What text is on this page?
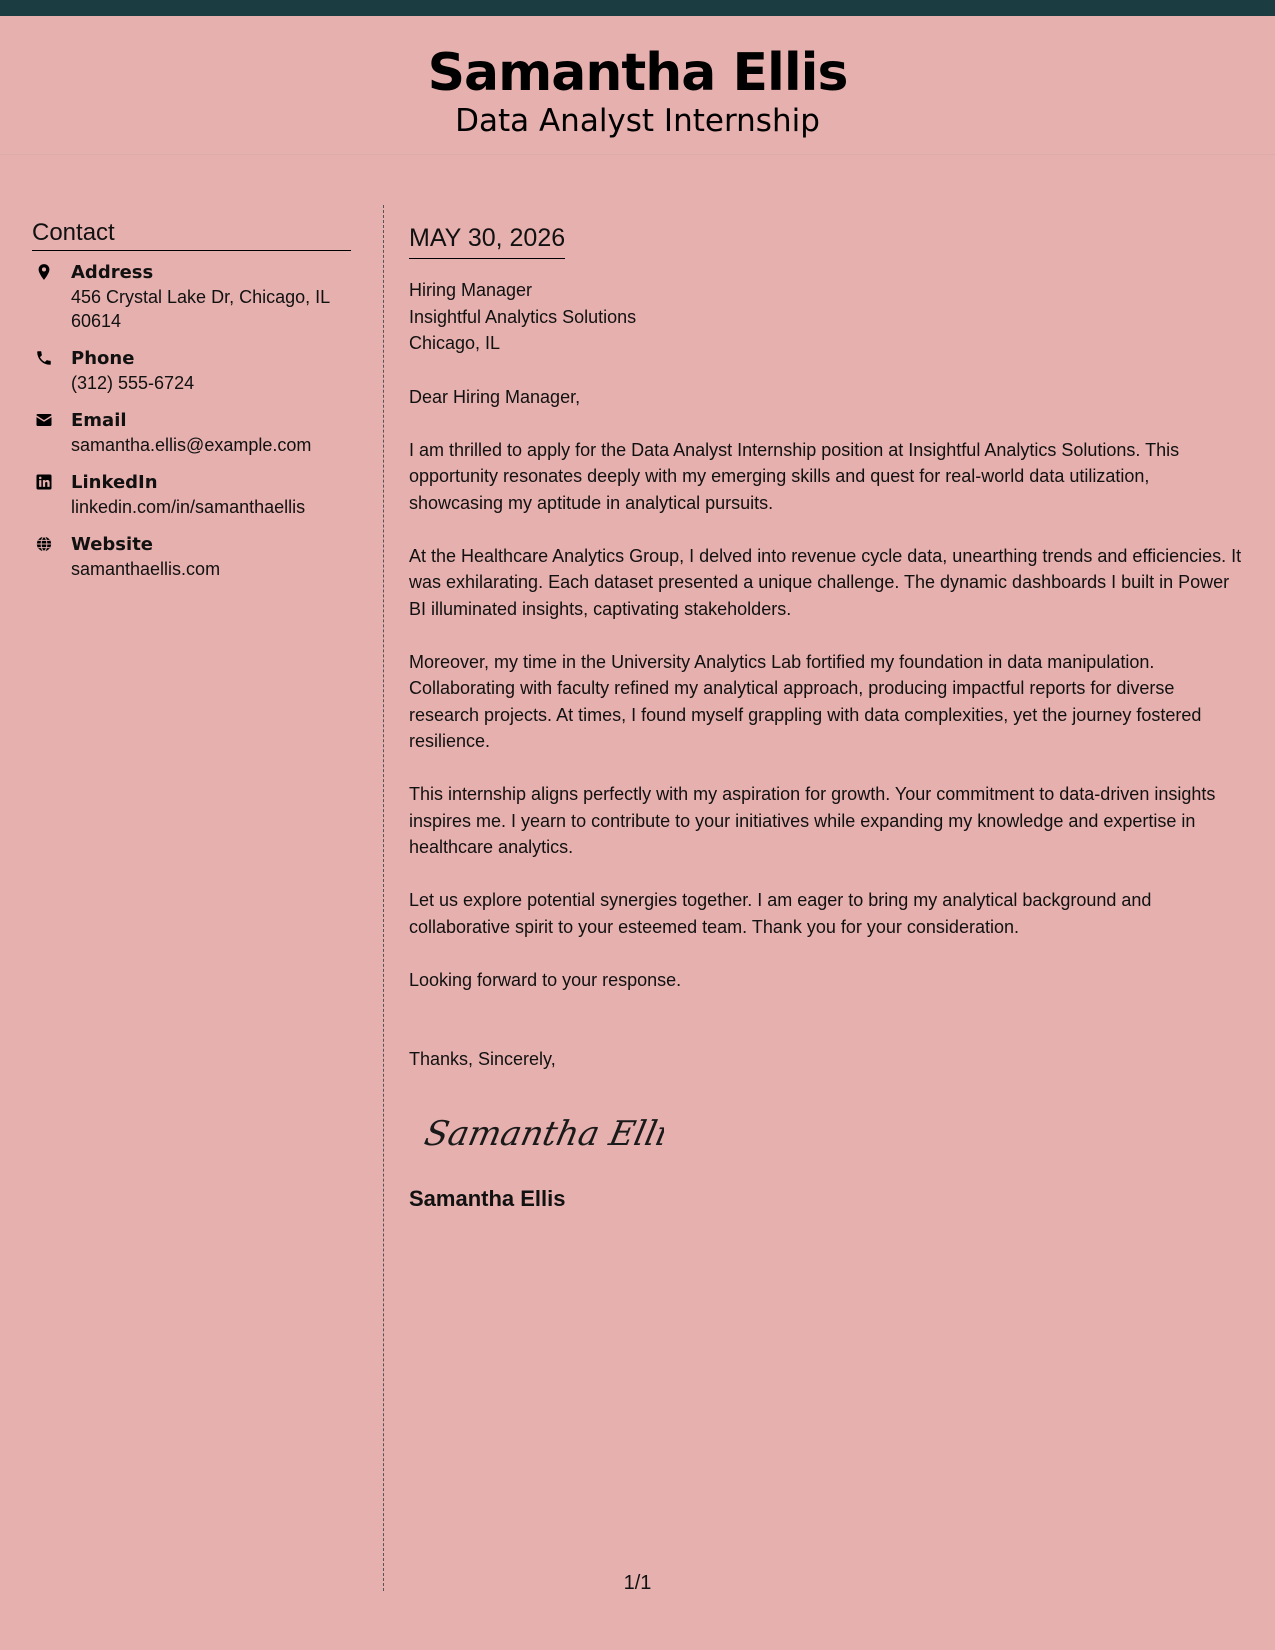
Samantha Ellis
Data Analyst Internship
Contact
Address
456 Crystal Lake Dr, Chicago, IL 60614
Phone
(312) 555-6724
Email
samantha.ellis@example.com
LinkedIn
linkedin.com/in/samanthaellis
Website
samanthaellis.com
MAY 30, 2026
Hiring Manager
Insightful Analytics Solutions
Chicago, IL
Dear Hiring Manager,
I am thrilled to apply for the Data Analyst Internship position at Insightful Analytics Solutions. This opportunity resonates deeply with my emerging skills and quest for real-world data utilization, showcasing my aptitude in analytical pursuits.
At the Healthcare Analytics Group, I delved into revenue cycle data, unearthing trends and efficiencies. It was exhilarating. Each dataset presented a unique challenge. The dynamic dashboards I built in Power BI illuminated insights, captivating stakeholders.
Moreover, my time in the University Analytics Lab fortified my foundation in data manipulation. Collaborating with faculty refined my analytical approach, producing impactful reports for diverse research projects. At times, I found myself grappling with data complexities, yet the journey fostered resilience.
This internship aligns perfectly with my aspiration for growth. Your commitment to data-driven insights inspires me. I yearn to contribute to your initiatives while expanding my knowledge and expertise in healthcare analytics.
Let us explore potential synergies together. I am eager to bring my analytical background and collaborative spirit to your esteemed team. Thank you for your consideration.
Looking forward to your response.
Thanks, Sincerely,
Samantha Ellis
Samantha Ellis
1/1
